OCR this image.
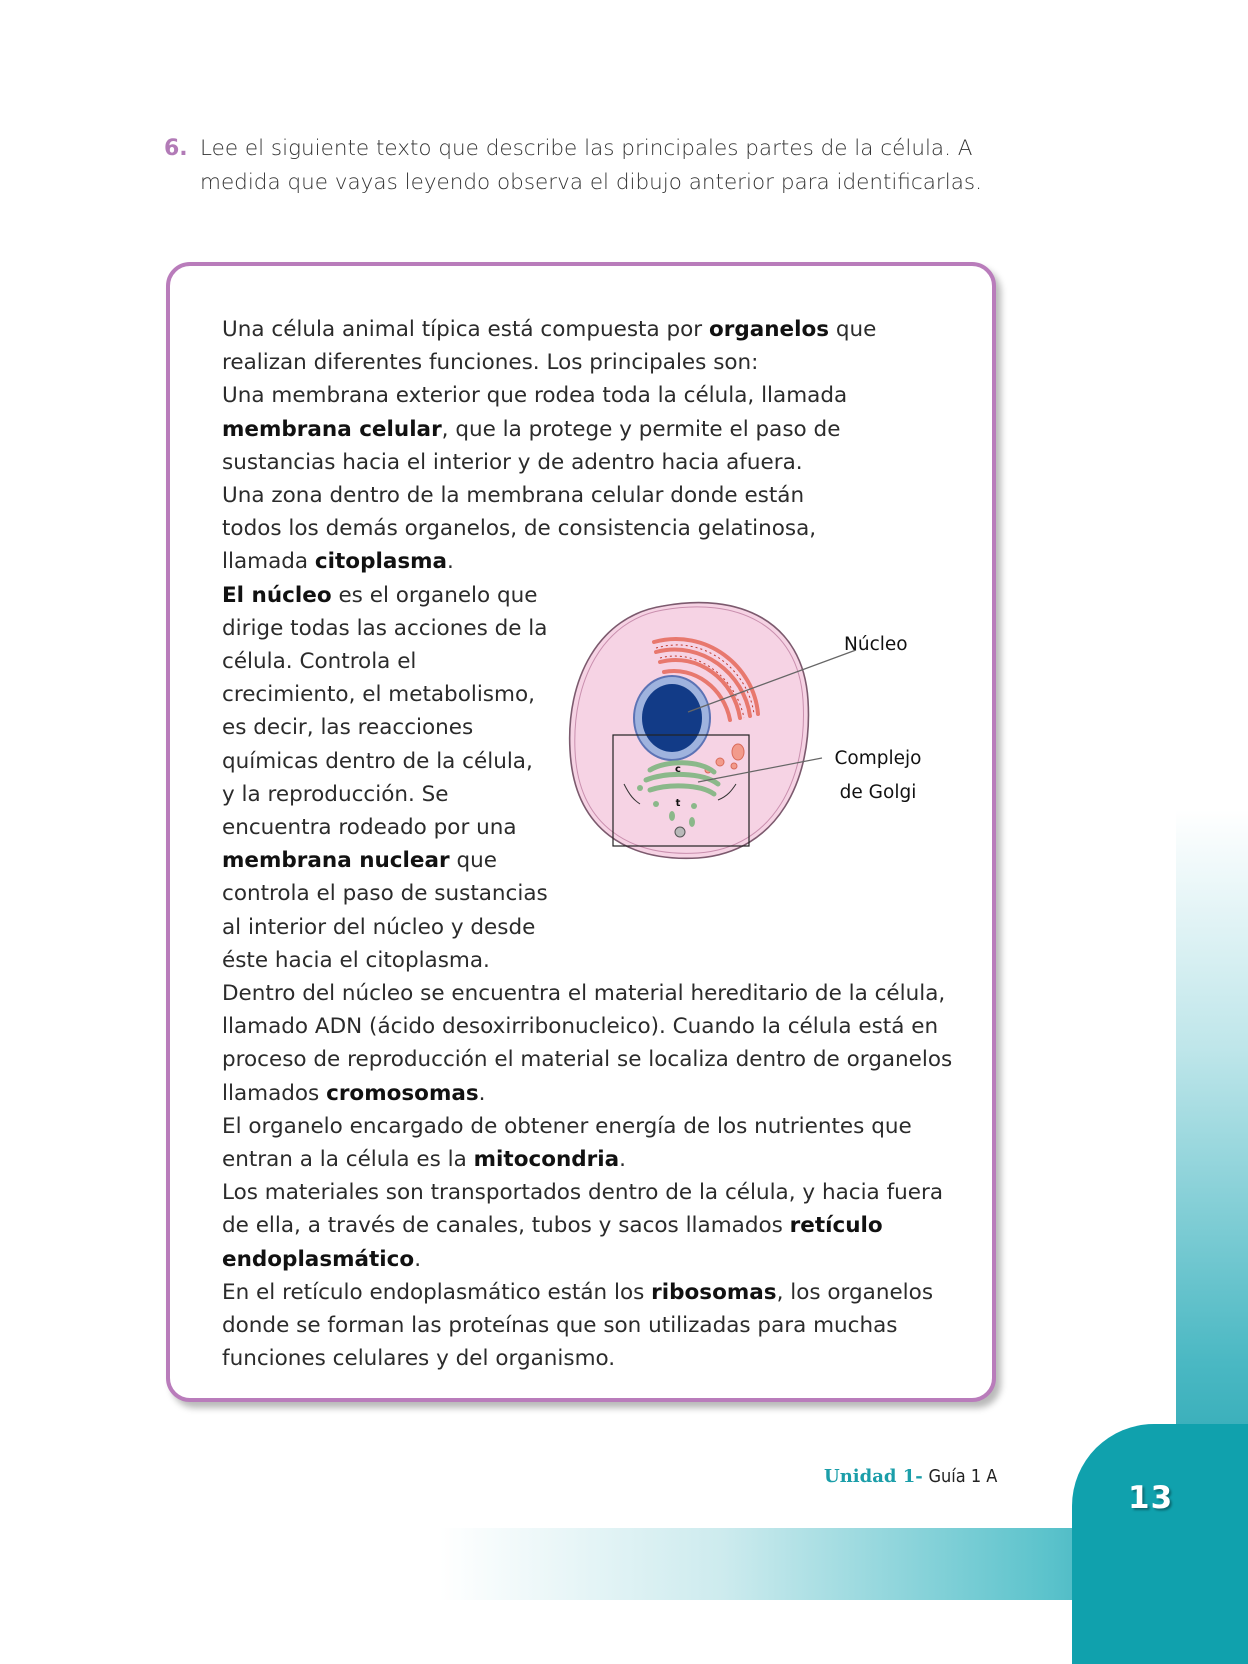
6. Lee el siguiente texto que describe las principales partes de la célula. A medida que vayas leyendo observa el dibujo anterior para identificarlas.

Una célula animal típica está compuesta por organelos que realizan diferentes funciones. Los principales son:

Una membrana exterior que rodea toda la célula, llamada membrana celular, que la protege y permite el paso de sustancias hacia el interior y de adentro hacia afuera.

Una zona dentro de la membrana celular donde están todos los demás organelos, de consistencia gelatinosa, llamada citoplasma.

El núcleo es el organelo que dirige todas las acciones de la célula. Controla el crecimiento, el metabolismo, es decir, las reacciones químicas dentro de la célula, y la reproducción. Se encuentra rodeado por una membrana nuclear que controla el paso de sustancias al interior del núcleo y desde éste hacia el citoplasma.

Dentro del núcleo se encuentra el material hereditario de la célula, llamado ADN (ácido desoxirribonucleico). Cuando la célula está en proceso de reproducción el material se localiza dentro de organelos llamados cromosomas.

El organelo encargado de obtener energía de los nutrientes que entran a la célula es la mitocondria.

Los materiales son transportados dentro de la célula, y hacia fuera de ella, a través de canales, tubos y sacos llamados retículo endoplasmático.

En el retículo endoplasmático están los ribosomas, los organelos donde se forman las proteínas que son utilizadas para muchas funciones celulares y del organismo.

c
t
Núcleo
Complejo
de Golgi
Unidad 1- Guía 1 A
13
